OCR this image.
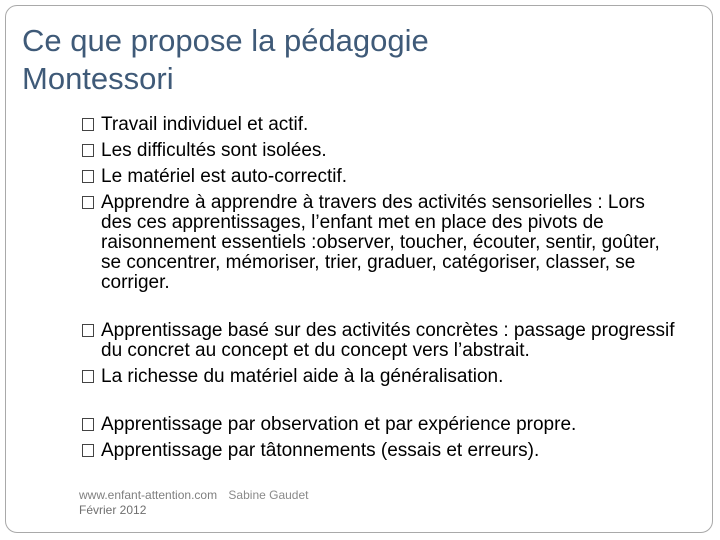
Ce que propose la pédagogie
Montessori
Travail individuel et actif.
Les difficultés sont isolées.
Le matériel est auto-correctif.
Apprendre à apprendre à travers des activités sensorielles : Lors des ces apprentissages, l’enfant met en place des pivots de raisonnement essentiels :observer, toucher, écouter, sentir, goûter, se concentrer, mémoriser, trier, graduer, catégoriser, classer, se corriger.
Apprentissage basé sur des activités concrètes : passage progressif du concret au concept et du concept vers l’abstrait.
La richesse du matériel aide à la généralisation.
Apprentissage par observation et par expérience propre.
Apprentissage par tâtonnements (essais et erreurs).
www.enfant-attention.com Sabine Gaudet
Février 2012
